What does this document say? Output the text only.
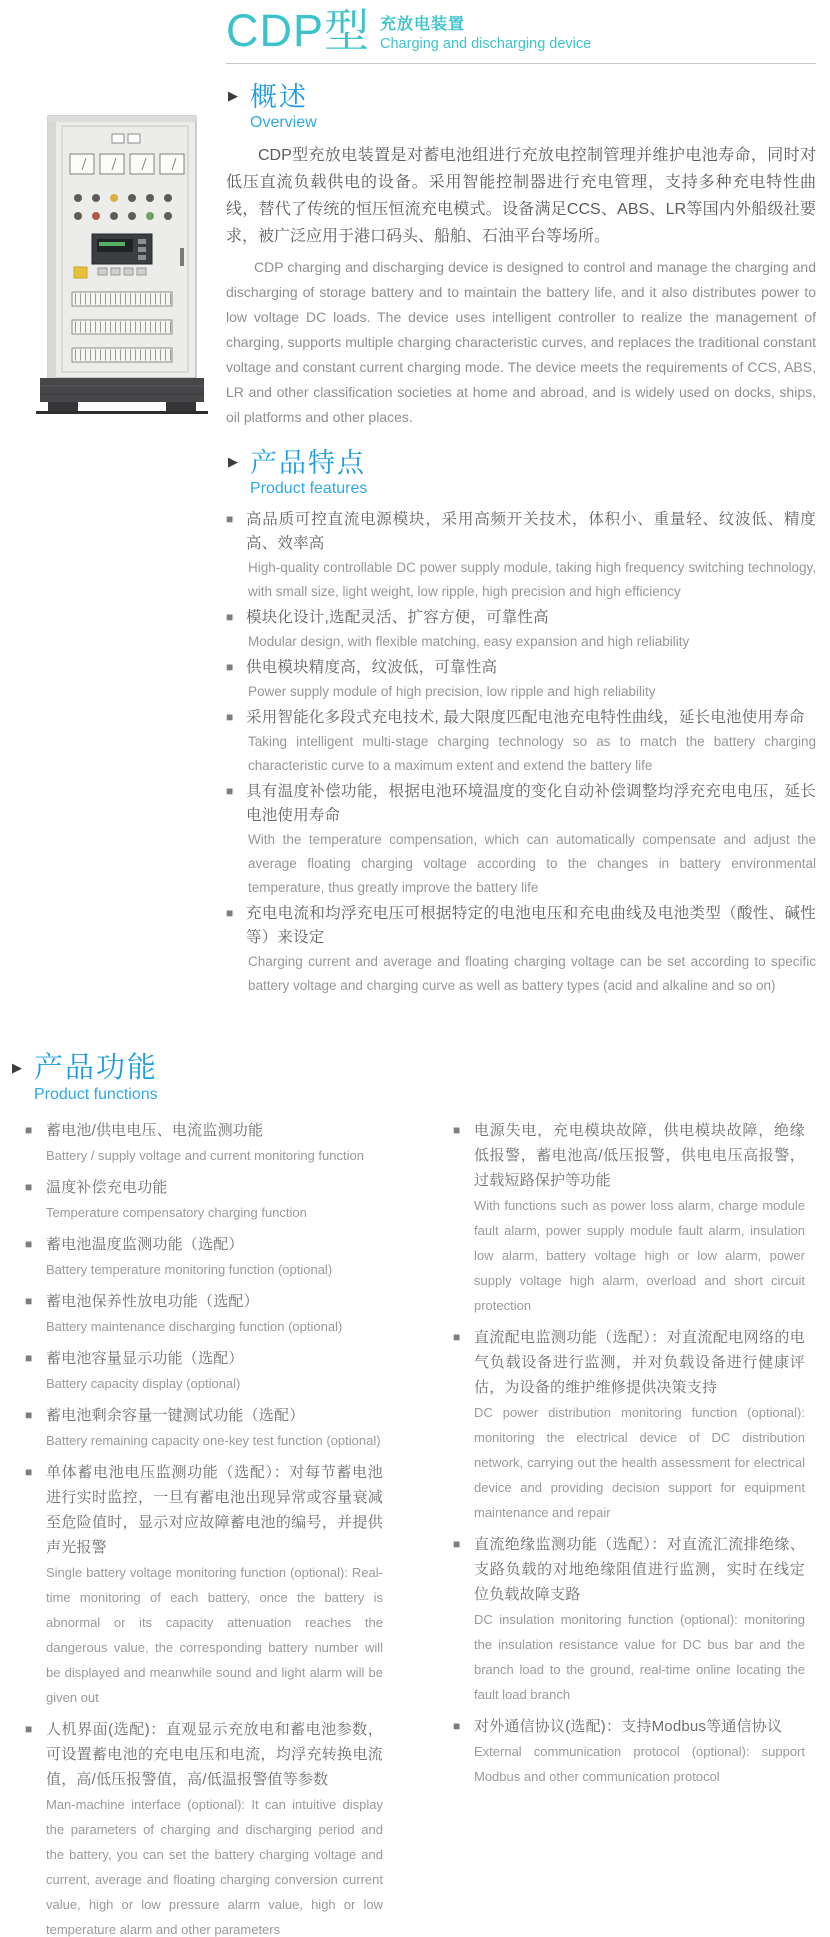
CDP型 充放电装置
Charging and discharging device
▶ 概述
Overview
CDP型充放电装置是对蓄电池组进行充放电控制管理并维护电池寿命，同时对低压直流负载供电的设备。采用智能控制器进行充电管理，支持多种充电特性曲线，替代了传统的恒压恒流充电模式。设备满足CCS、ABS、LR等国内外船级社要求，被广泛应用于港口码头、船舶、石油平台等场所。
CDP charging and discharging device is designed to control and manage the charging and discharging of storage battery and to maintain the battery life, and it also distributes power to low voltage DC loads. The device uses intelligent controller to realize the management of charging, supports multiple charging characteristic curves, and replaces the traditional constant voltage and constant current charging mode. The device meets the requirements of CCS, ABS, LR and other classification societies at home and abroad, and is widely used on docks, ships, oil platforms and other places.
▶ 产品特点
Product features
■ 高品质可控直流电源模块，采用高频开关技术，体积小、重量轻、纹波低、精度高、效率高
High-quality controllable DC power supply module, taking high frequency switching technology, with small size, light weight, low ripple, high precision and high efficiency
■ 模块化设计,选配灵活、扩容方便，可靠性高
Modular design, with flexible matching, easy expansion and high reliability
■ 供电模块精度高，纹波低，可靠性高
Power supply module of high precision, low ripple and high reliability
■ 采用智能化多段式充电技术, 最大限度匹配电池充电特性曲线，延长电池使用寿命
Taking intelligent multi-stage charging technology so as to match the battery charging characteristic curve to a maximum extent and extend the battery life
■ 具有温度补偿功能，根据电池环境温度的变化自动补偿调整均浮充充电电压，延长电池使用寿命
With the temperature compensation, which can automatically compensate and adjust the average floating charging voltage according to the changes in battery environmental temperature, thus greatly improve the battery life
■ 充电电流和均浮充电压可根据特定的电池电压和充电曲线及电池类型（酸性、碱性等）来设定
Charging current and average and floating charging voltage can be set according to specific battery voltage and charging curve as well as battery types (acid and alkaline and so on)
▶ 产品功能
Product functions
■ 蓄电池/供电电压、电流监测功能
Battery / supply voltage and current monitoring function
■ 温度补偿充电功能
Temperature compensatory charging function
■ 蓄电池温度监测功能（选配）
Battery temperature monitoring function (optional)
■ 蓄电池保养性放电功能（选配）
Battery maintenance discharging function (optional)
■ 蓄电池容量显示功能（选配）
Battery capacity display (optional)
■ 蓄电池剩余容量一键测试功能（选配）
Battery remaining capacity one-key test function (optional)
■ 单体蓄电池电压监测功能（选配）：对每节蓄电池进行实时监控，一旦有蓄电池出现异常或容量衰减至危险值时，显示对应故障蓄电池的编号，并提供声光报警
Single battery voltage monitoring function (optional): Real-time monitoring of each battery, once the battery is abnormal or its capacity attenuation reaches the dangerous value, the corresponding battery number will be displayed and meanwhile sound and light alarm will be given out
■ 人机界面(选配)：直观显示充放电和蓄电池参数，可设置蓄电池的充电电压和电流，均浮充转换电流值，高/低压报警值，高/低温报警值等参数
Man-machine interface (optional): It can intuitive display the parameters of charging and discharging period and the battery, you can set the battery charging voltage and current, average and floating charging conversion current value, high or low pressure alarm value, high or low temperature alarm and other parameters
■ 电源失电，充电模块故障，供电模块故障，绝缘低报警，蓄电池高/低压报警，供电电压高报警，过载短路保护等功能
With functions such as power loss alarm, charge module fault alarm, power supply module fault alarm, insulation low alarm, battery voltage high or low alarm, power supply voltage high alarm, overload and short circuit protection
■ 直流配电监测功能（选配）：对直流配电网络的电气负载设备进行监测，并对负载设备进行健康评估，为设备的维护维修提供决策支持
DC power distribution monitoring function (optional): monitoring the electrical device of DC distribution network, carrying out the health assessment for electrical device and providing decision support for equipment maintenance and repair
■ 直流绝缘监测功能（选配）：对直流汇流排绝缘、支路负载的对地绝缘阻值进行监测，实时在线定位负载故障支路
DC insulation monitoring function (optional): monitoring the insulation resistance value for DC bus bar and the branch load to the ground, real-time online locating the fault load branch
■ 对外通信协议(选配)：支持Modbus等通信协议
External communication protocol (optional): support Modbus and other communication protocol
